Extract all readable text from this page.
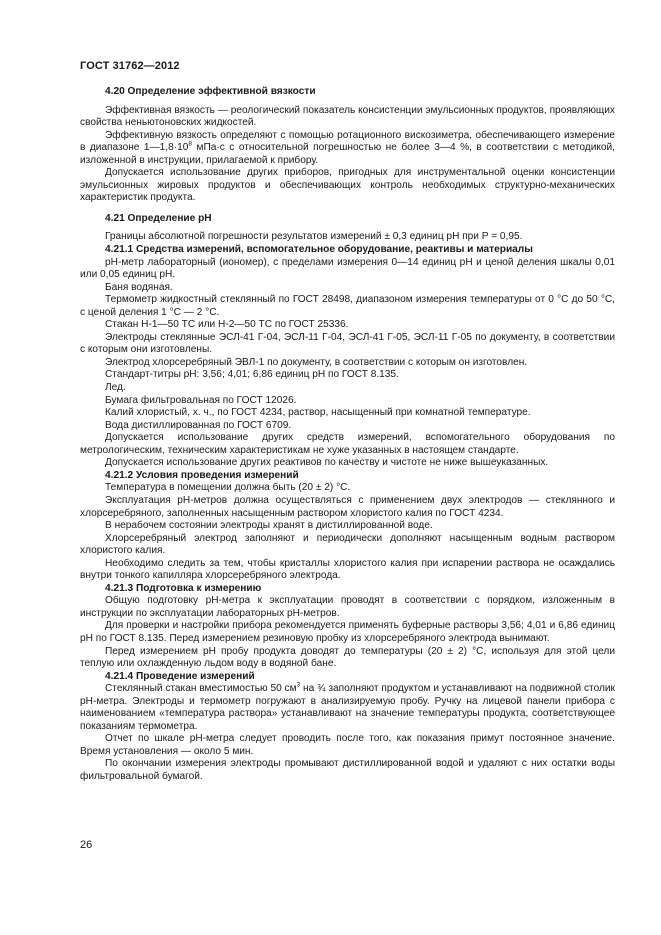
ГОСТ 31762—2012
4.20 Определение эффективной вязкости

Эффективная вязкость — реологический показатель консистенции эмульсионных продуктов, проявляющих свойства неньютоновских жидкостей.

Эффективную вязкость определяют с помощью ротационного вискозиметра, обеспечивающего измерение в диапазоне $1—1,8\cdot 10^8$ мПа·с с относительной погрешностью не более 3—4 %, в соответствии с методикой, изложенной в инструкции, прилагаемой к прибору.

Допускается использование других приборов, пригодных для инструментальной оценки консистенции эмульсионных жировых продуктов и обеспечивающих контроль необходимых структурно-механических характеристик продукта.

4.21 Определение pH

Границы абсолютной погрешности результатов измерений ± 0,3 единиц pH при P = 0,95.

4.21.1 Средства измерений, вспомогательное оборудование, реактивы и материалы

pH-метр лабораторный (иономер), с пределами измерения 0—14 единиц pH и ценой деления шкалы 0,01 или 0,05 единиц pH.

Баня водяная.

Термометр жидкостный стеклянный по ГОСТ 28498, диапазоном измерения температуры от 0 °С до 50 °С, с ценой деления 1 °С — 2 °С.

Стакан Н-1—50 ТС или Н-2—50 ТС по ГОСТ 25336.

Электроды стеклянные ЭСЛ-41 Г-04, ЭСЛ-11 Г-04, ЭСЛ-41 Г-05, ЭСЛ-11 Г-05 по документу, в соответствии с которым они изготовлены.

Электрод хлорсеребряный ЭВЛ-1 по документу, в соответствии с которым он изготовлен.

Стандарт-титры pH: 3,56; 4,01; 6,86 единиц pH по ГОСТ 8.135.

Лед.

Бумага фильтровальная по ГОСТ 12026.

Калий хлористый, х. ч., по ГОСТ 4234, раствор, насыщенный при комнатной температуре.

Вода дистиллированная по ГОСТ 6709.

Допускается использование других средств измерений, вспомогательного оборудования по метрологическим, техническим характеристикам не хуже указанных в настоящем стандарте.

Допускается использование других реактивов по качеству и чистоте не ниже вышеуказанных.

4.21.2 Условия проведения измерений

Температура в помещении должна быть (20 ± 2) °С.

Эксплуатация pH-метров должна осуществляться с применением двух электродов — стеклянного и хлорсеребряного, заполненных насыщенным раствором хлористого калия по ГОСТ 4234.

В нерабочем состоянии электроды хранят в дистиллированной воде.

Хлорсеребряный электрод заполняют и периодически дополняют насыщенным водным раствором хлористого калия.

Необходимо следить за тем, чтобы кристаллы хлористого калия при испарении раствора не осаждались внутри тонкого капилляра хлорсеребряного электрода.

4.21.3 Подготовка к измерению

Общую подготовку pH-метра к эксплуатации проводят в соответствии с порядком, изложенным в инструкции по эксплуатации лабораторных pH-метров.

Для проверки и настройки прибора рекомендуется применять буферные растворы 3,56; 4,01 и 6,86 единиц pH по ГОСТ 8.135. Перед измерением резиновую пробку из хлорсеребряного электрода вынимают.

Перед измерением pH пробу продукта доводят до температуры (20 ± 2) °С, используя для этой цели теплую или охлажденную льдом воду в водяной бане.

4.21.4 Проведение измерений

Стеклянный стакан вместимостью 50 $см^3$ на ¾ заполняют продуктом и устанавливают на подвижной столик pH-метра. Электроды и термометр погружают в анализируемую пробу. Ручку на лицевой панели прибора с наименованием «температура раствора» устанавливают на значение температуры продукта, соответствующее показаниям термометра.

Отчет по шкале pH-метра следует проводить после того, как показания примут постоянное значение. Время установления — около 5 мин.

По окончании измерения электроды промывают дистиллированной водой и удаляют с них остатки воды фильтровальной бумагой.

26
